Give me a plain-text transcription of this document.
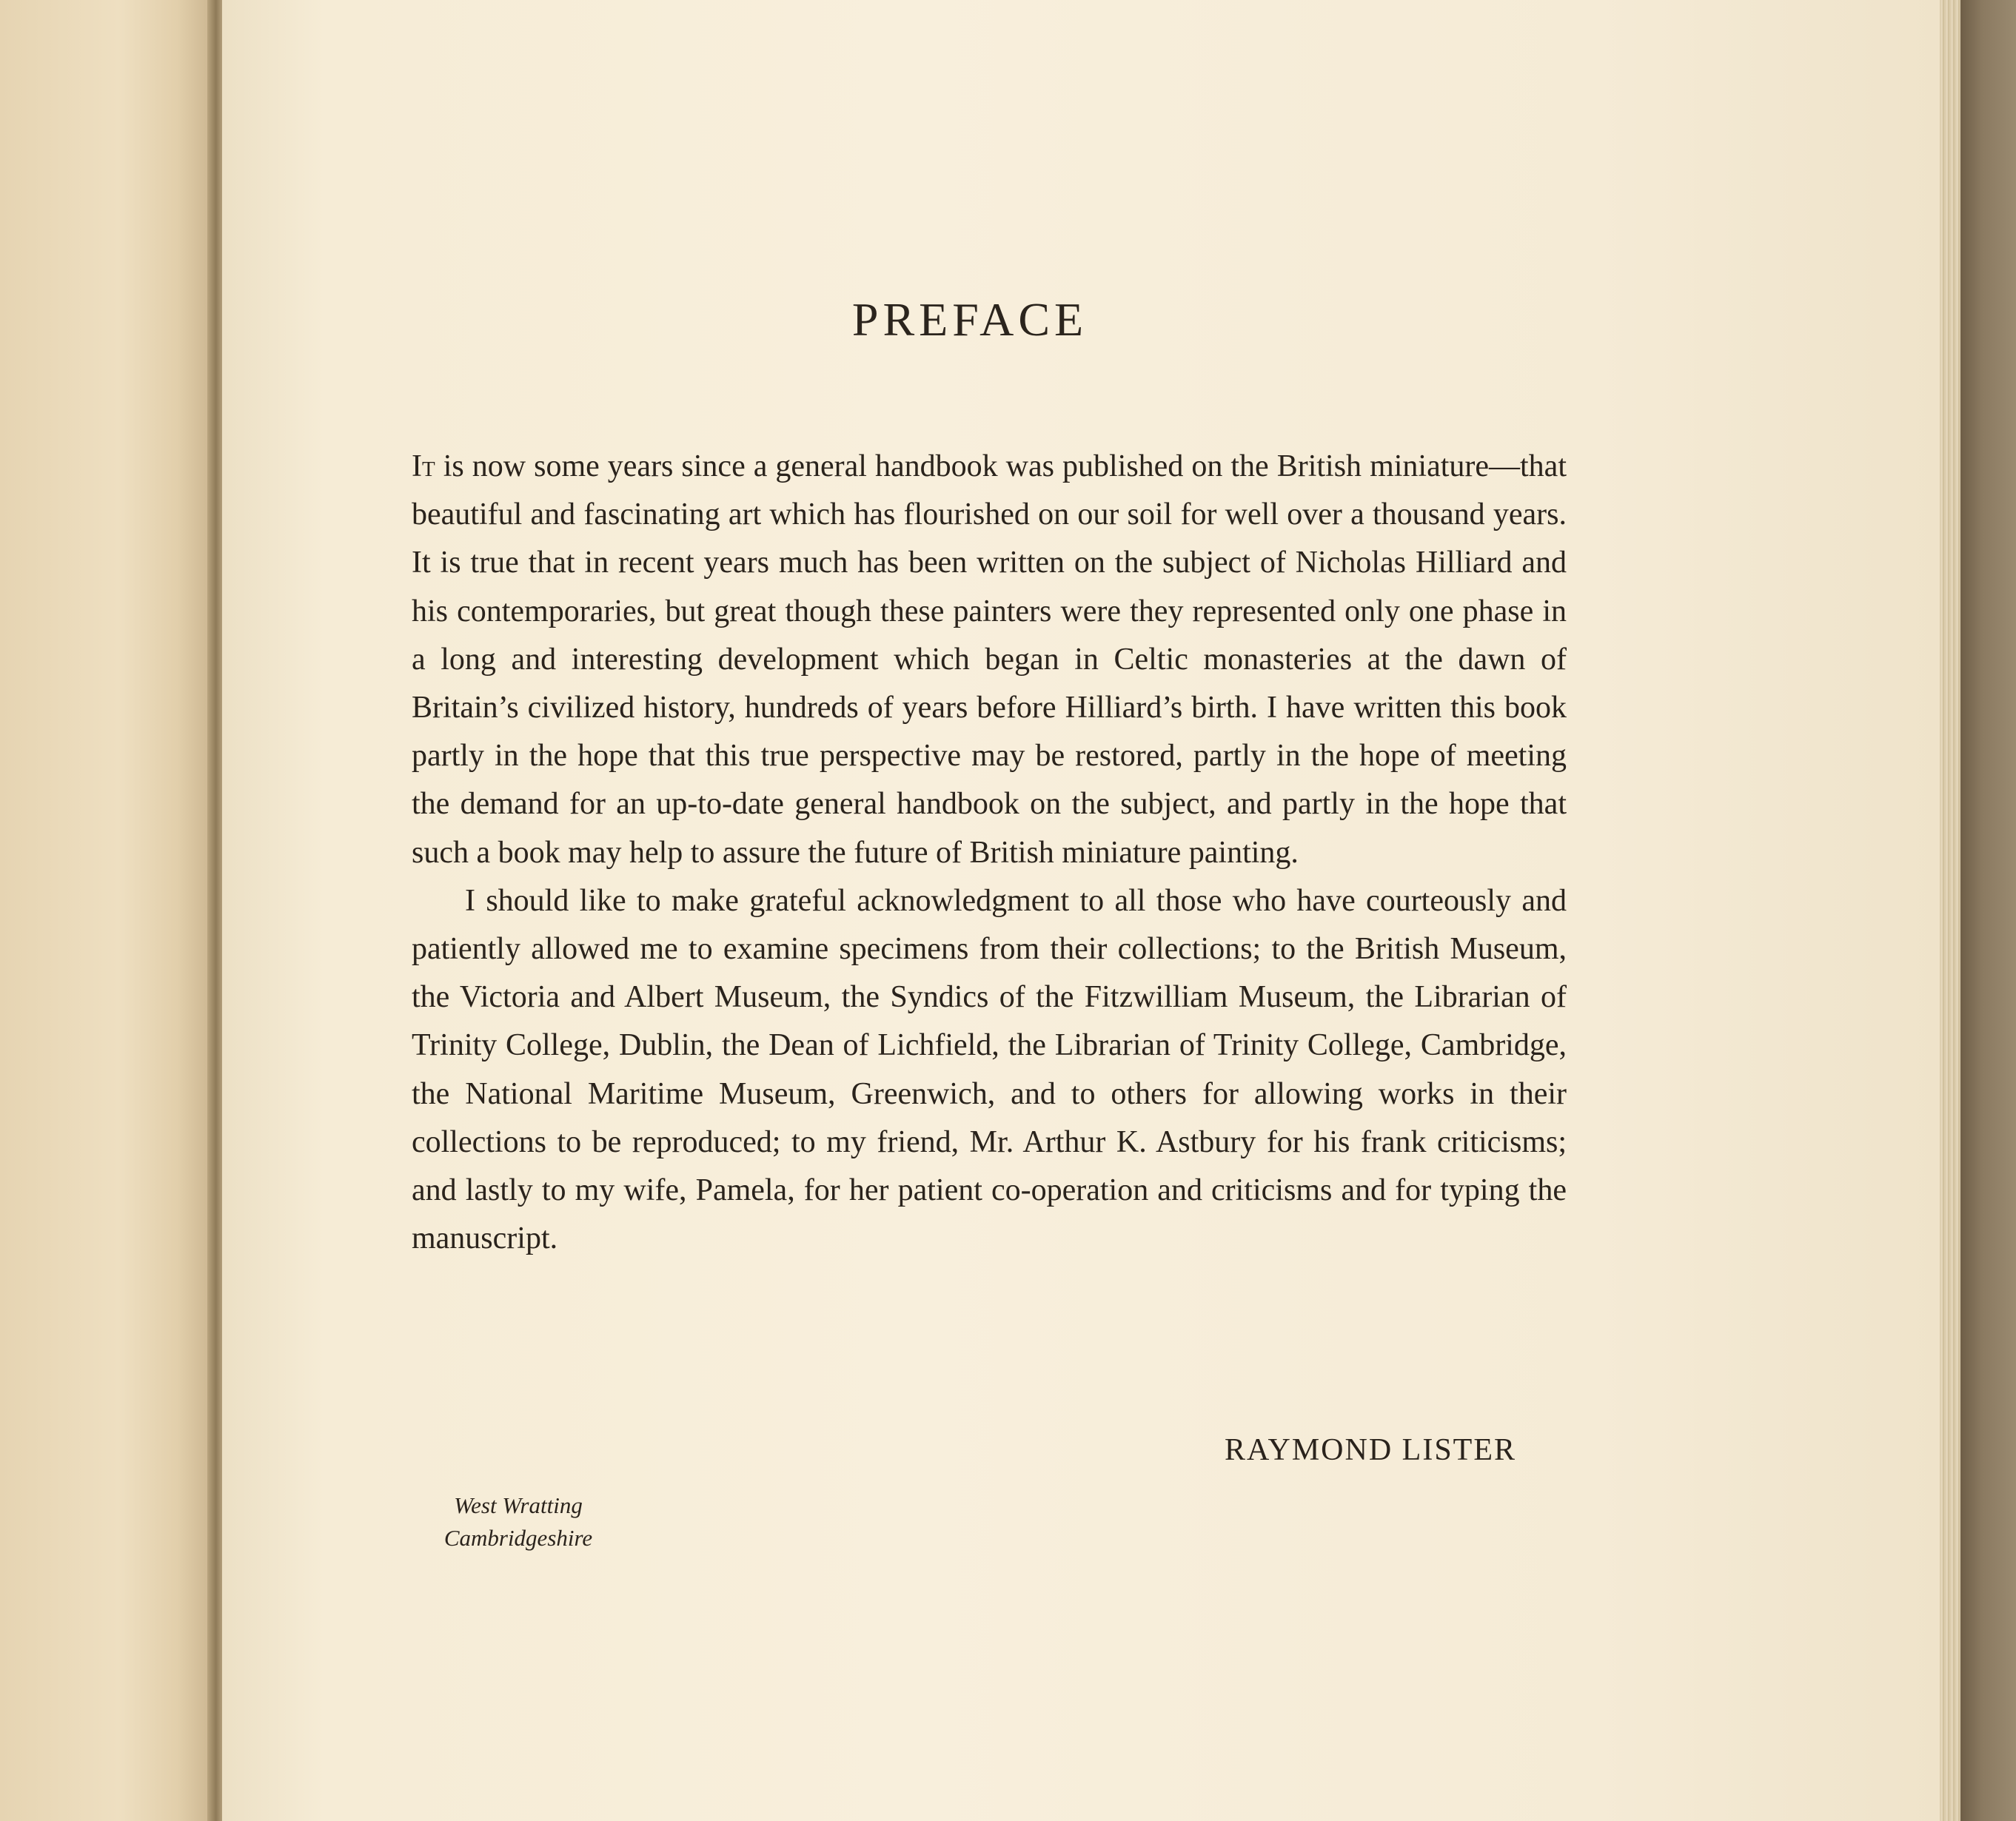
PREFACE

It is now some years since a general handbook was published on the British miniature—that beautiful and fascinating art which has flourished on our soil for well over a thousand years. It is true that in recent years much has been written on the subject of Nicholas Hilliard and his contemporaries, but great though these painters were they represented only one phase in a long and interesting development which began in Celtic monasteries at the dawn of Britain’s civilized history, hundreds of years before Hilliard’s birth. I have written this book partly in the hope that this true perspective may be restored, partly in the hope of meeting the demand for an up-to-date general handbook on the subject, and partly in the hope that such a book may help to assure the future of British miniature painting.

I should like to make grateful acknowledgment to all those who have courteously and patiently allowed me to examine specimens from their collections; to the British Museum, the Victoria and Albert Museum, the Syndics of the Fitzwilliam Museum, the Librarian of Trinity College, Dublin, the Dean of Lichfield, the Librarian of Trinity College, Cambridge, the National Maritime Museum, Greenwich, and to others for allowing works in their collections to be reproduced; to my friend, Mr. Arthur K. Astbury for his frank criticisms; and lastly to my wife, Pamela, for her patient co-operation and criticisms and for typing the manuscript.

RAYMOND LISTER
West Wratting
Cambridgeshire
